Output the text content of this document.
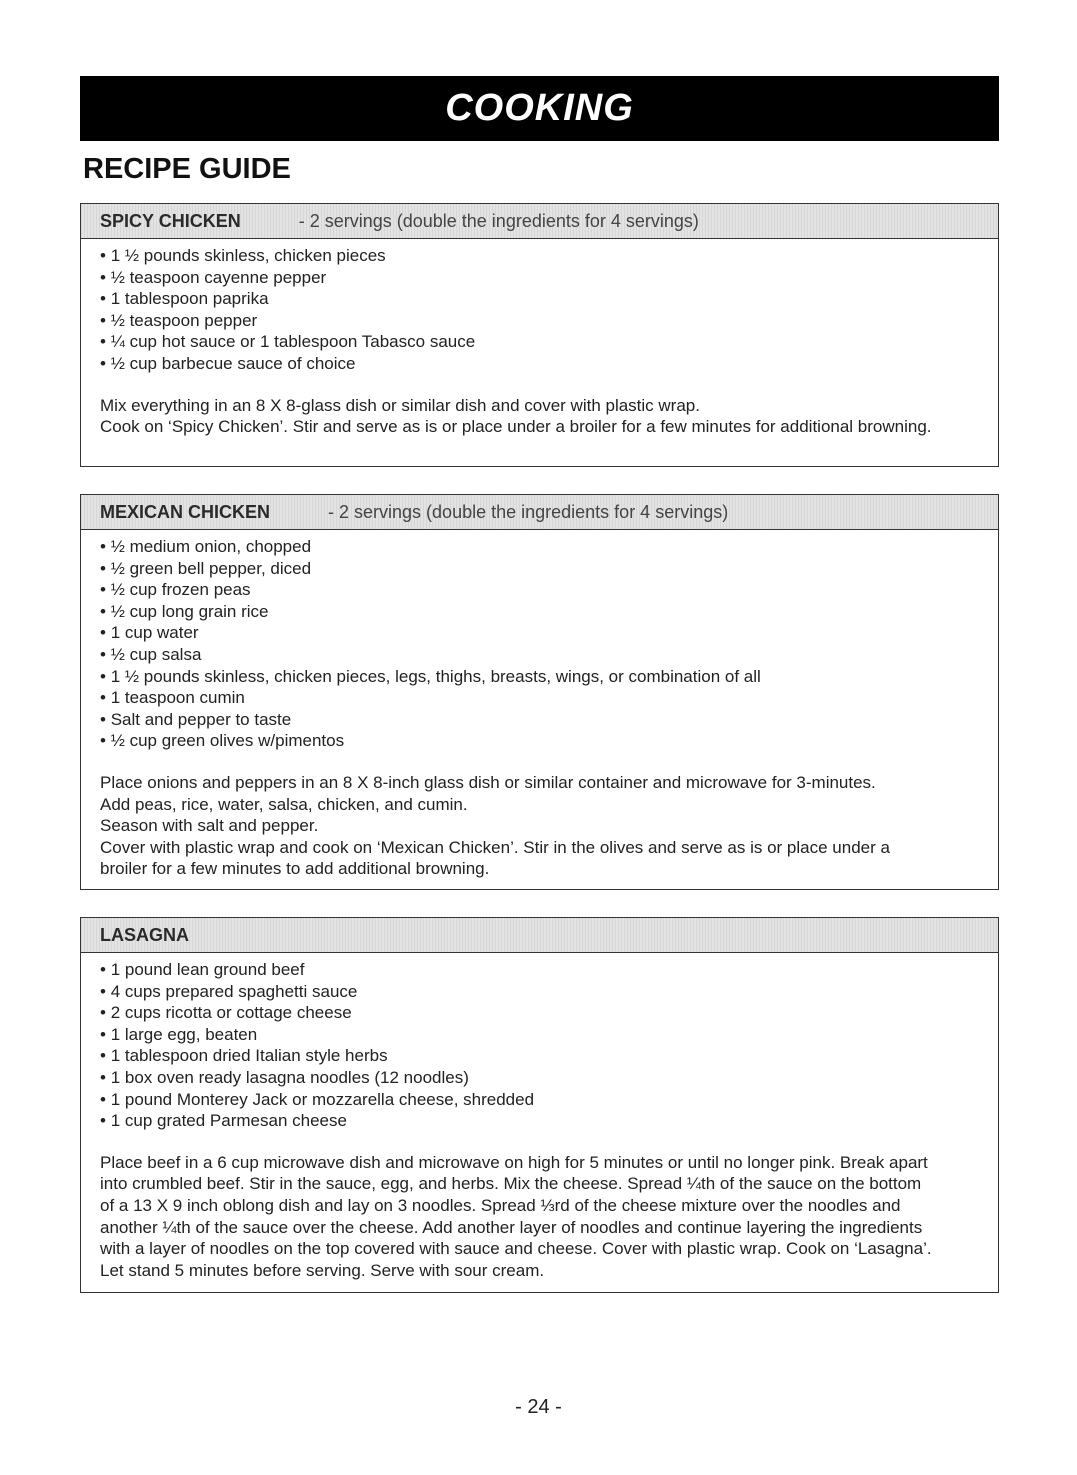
COOKING
RECIPE GUIDE
SPICY CHICKEN	- 2 servings (double the ingredients for 4 servings)
• 1 ½ pounds skinless, chicken pieces
• ½ teaspoon cayenne pepper
• 1 tablespoon paprika
• ½ teaspoon pepper
• ¼ cup hot sauce or 1 tablespoon Tabasco sauce
• ½ cup barbecue sauce of choice
Mix everything in an 8 X 8-glass dish or similar dish and cover with plastic wrap.
Cook on ‘Spicy Chicken’. Stir and serve as is or place under a broiler for a few minutes for additional browning.
MEXICAN CHICKEN	- 2 servings (double the ingredients for 4 servings)
• ½ medium onion, chopped
• ½ green bell pepper, diced
• ½ cup frozen peas
• ½ cup long grain rice
• 1 cup water
• ½ cup salsa
• 1 ½ pounds skinless, chicken pieces, legs, thighs, breasts, wings, or combination of all
• 1 teaspoon cumin
• Salt and pepper to taste
• ½ cup green olives w/pimentos
Place onions and peppers in an 8 X 8-inch glass dish or similar container and microwave for 3-minutes.
Add peas, rice, water, salsa, chicken, and cumin.
Season with salt and pepper.
Cover with plastic wrap and cook on ‘Mexican Chicken’. Stir in the olives and serve as is or place under a
broiler for a few minutes to add additional browning.
LASAGNA
• 1 pound lean ground beef
• 4 cups prepared spaghetti sauce
• 2 cups ricotta or cottage cheese
• 1 large egg, beaten
• 1 tablespoon dried Italian style herbs
• 1 box oven ready lasagna noodles (12 noodles)
• 1 pound Monterey Jack or mozzarella cheese, shredded
• 1 cup grated Parmesan cheese
Place beef in a 6 cup microwave dish and microwave on high for 5 minutes or until no longer pink. Break apart
into crumbled beef. Stir in the sauce, egg, and herbs. Mix the cheese. Spread ¼th of the sauce on the bottom
of a 13 X 9 inch oblong dish and lay on 3 noodles. Spread ⅓rd of the cheese mixture over the noodles and
another ¼th of the sauce over the cheese. Add another layer of noodles and continue layering the ingredients
with a layer of noodles on the top covered with sauce and cheese. Cover with plastic wrap. Cook on ‘Lasagna’.
Let stand 5 minutes before serving. Serve with sour cream.
- 24 -
